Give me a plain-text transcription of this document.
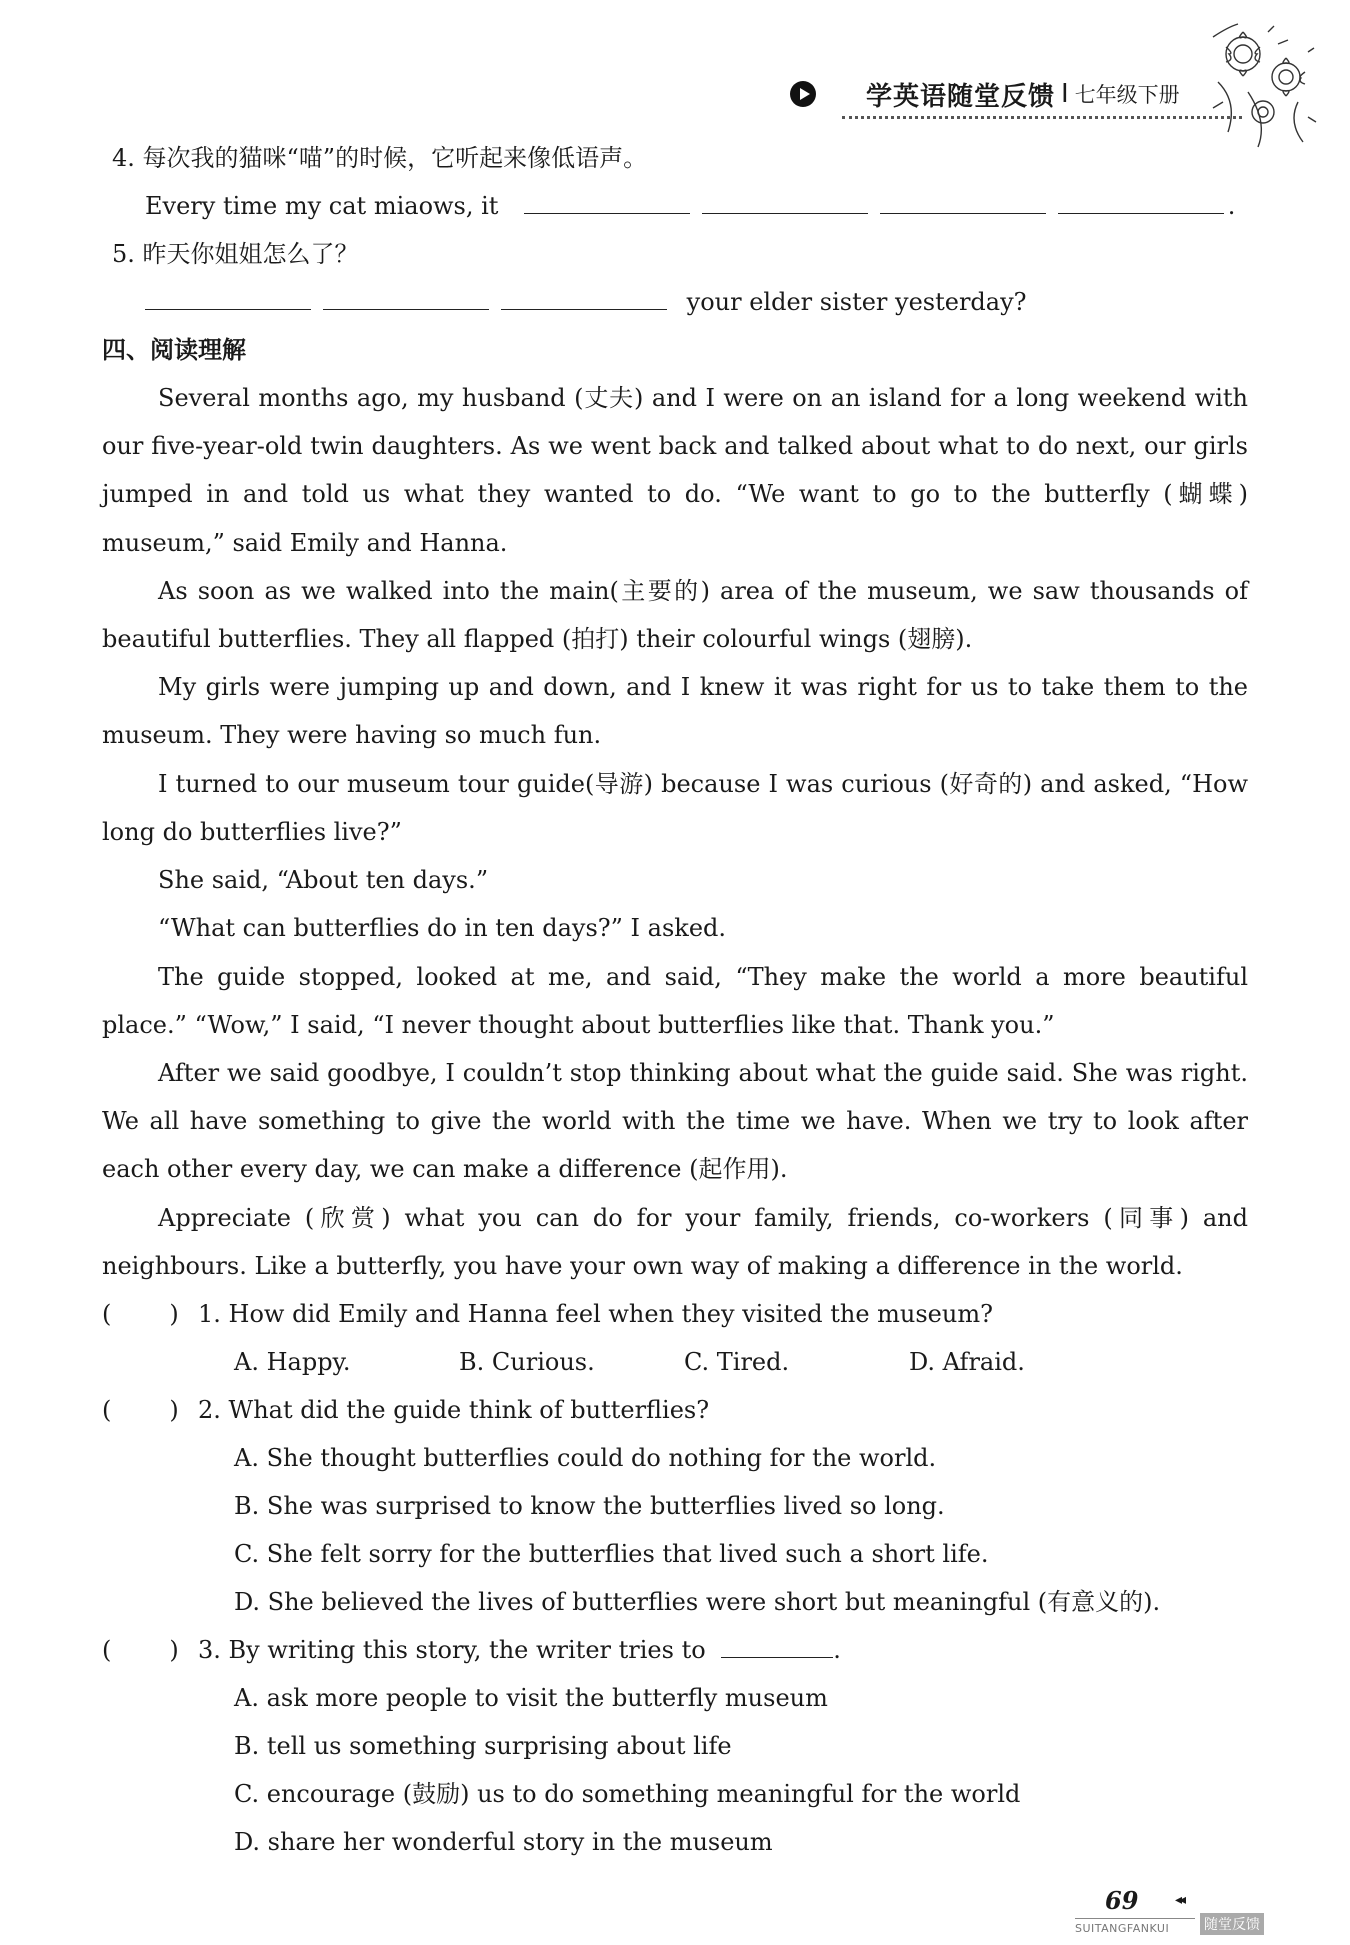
学英语随堂反馈 I 七年级下册
4. 每次我的猫咪“喵”的时候，它听起来像低语声。
Every time my cat miaows, it	.
5. 昨天你姐姐怎么了？
your elder sister yesterday?
四、阅读理解
Several months ago, my husband (丈夫) and I were on an island for a long weekend with our five-year-old twin daughters. As we went back and talked about what to do next, our girls jumped in and told us what they wanted to do. “We want to go to the butterfly (蝴蝶) museum,” said Emily and Hanna.
As soon as we walked into the main(主要的) area of the museum, we saw thousands of beautiful butterflies. They all flapped (拍打) their colourful wings (翅膀).
My girls were jumping up and down, and I knew it was right for us to take them to the museum. They were having so much fun.
I turned to our museum tour guide(导游) because I was curious (好奇的) and asked, “How long do butterflies live?”
She said, “About ten days.”
“What can butterflies do in ten days?” I asked.
The guide stopped, looked at me, and said, “They make the world a more beautiful place.” “Wow,” I said, “I never thought about butterflies like that. Thank you.”
After we said goodbye, I couldn’t stop thinking about what the guide said. She was right. We all have something to give the world with the time we have. When we try to look after each other every day, we can make a difference (起作用).
Appreciate (欣赏) what you can do for your family, friends, co-workers (同事) and neighbours. Like a butterfly, you have your own way of making a difference in the world.
( ) 1. How did Emily and Hanna feel when they visited the museum?
A. Happy.	B. Curious.	C. Tired.	D. Afraid.
( ) 2. What did the guide think of butterflies?
A. She thought butterflies could do nothing for the world.
B. She was surprised to know the butterflies lived so long.
C. She felt sorry for the butterflies that lived such a short life.
D. She believed the lives of butterflies were short but meaningful (有意义的).
( ) 3. By writing this story, the writer tries to	.
A. ask more people to visit the butterfly museum
B. tell us something surprising about life
C. encourage (鼓励) us to do something meaningful for the world
D. share her wonderful story in the museum
69	◂◂
SUITANGFANKUI 随堂反馈
